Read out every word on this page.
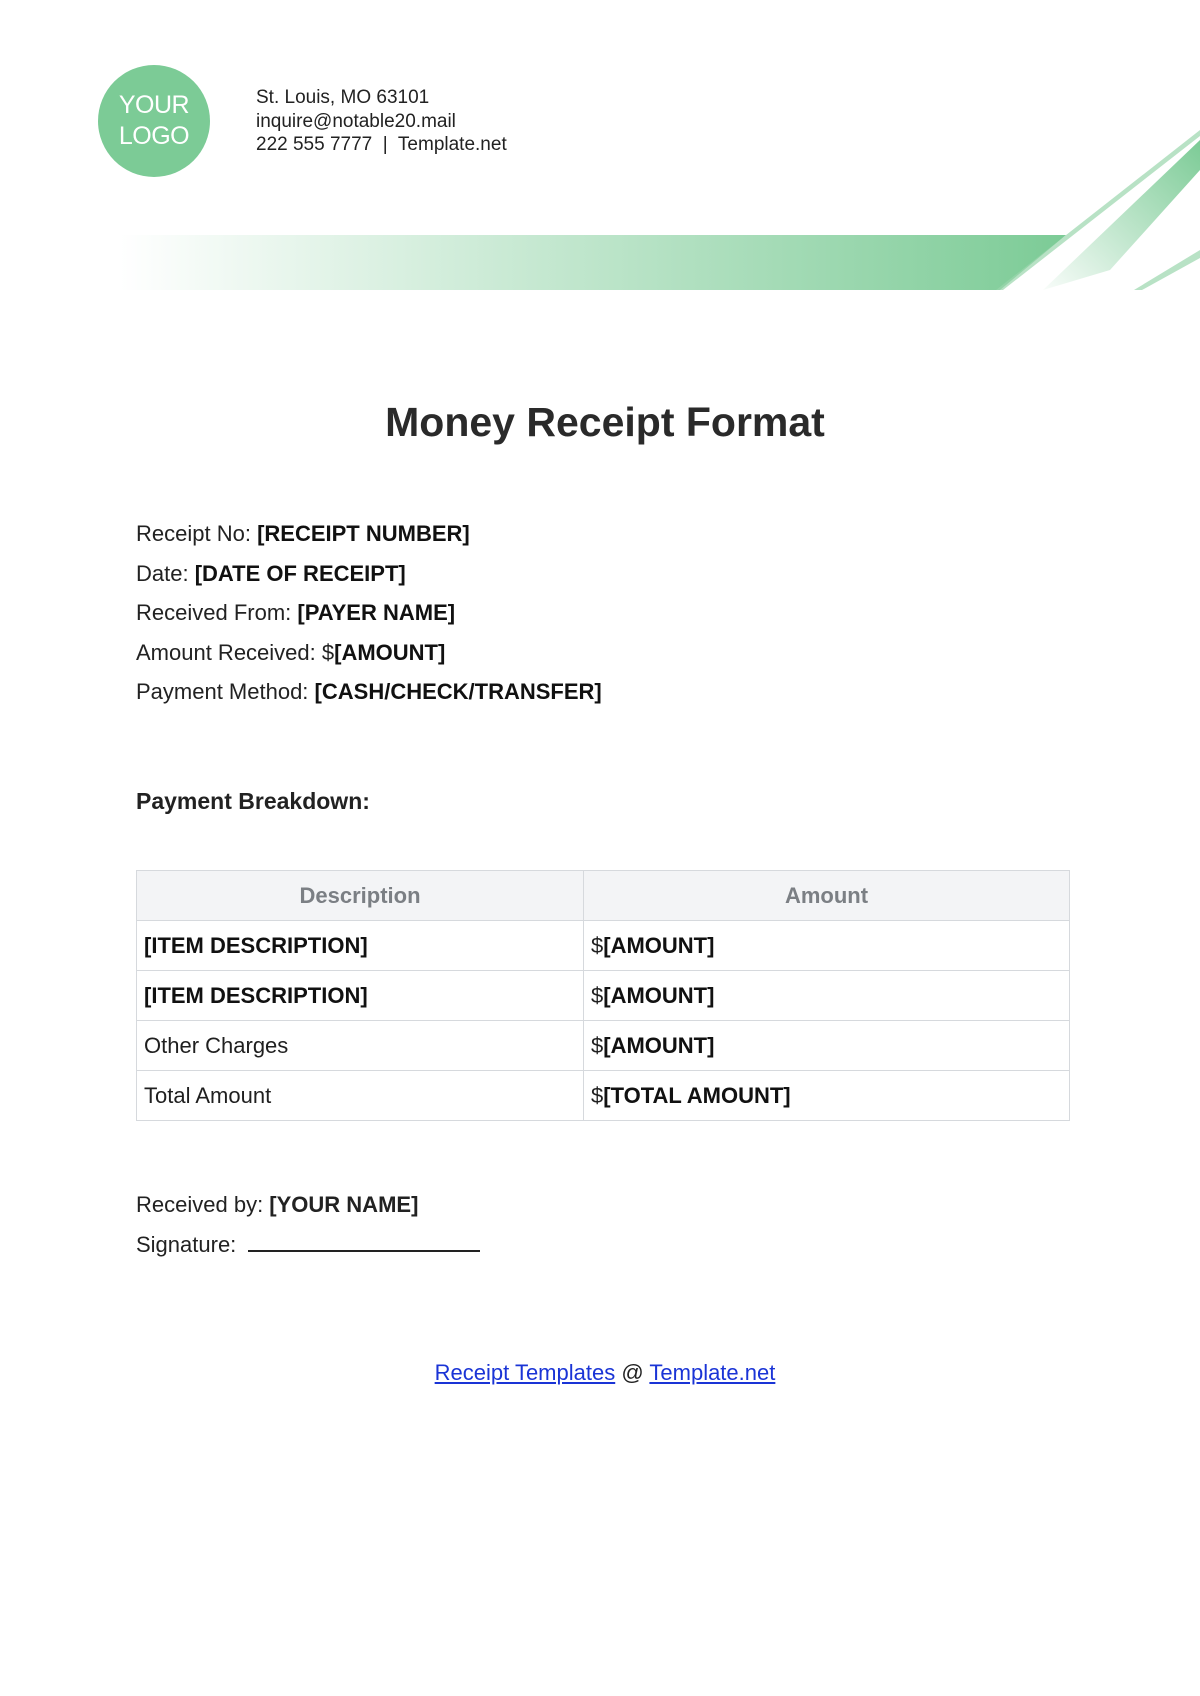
YOUR
LOGO
St. Louis, MO 63101
inquire@notable20.mail
222 555 7777  |  Template.net
Money Receipt Format
Receipt No: [RECEIPT NUMBER]
Date: [DATE OF RECEIPT]
Received From: [PAYER NAME]
Amount Received: $[AMOUNT]
Payment Method: [CASH/CHECK/TRANSFER]
Payment Breakdown:
Description	Amount
[ITEM DESCRIPTION]	$[AMOUNT]
[ITEM DESCRIPTION]	$[AMOUNT]
Other Charges	$[AMOUNT]
Total Amount	$[TOTAL AMOUNT]
Received by: [YOUR NAME]
Signature:
Receipt Templates @ Template.net
